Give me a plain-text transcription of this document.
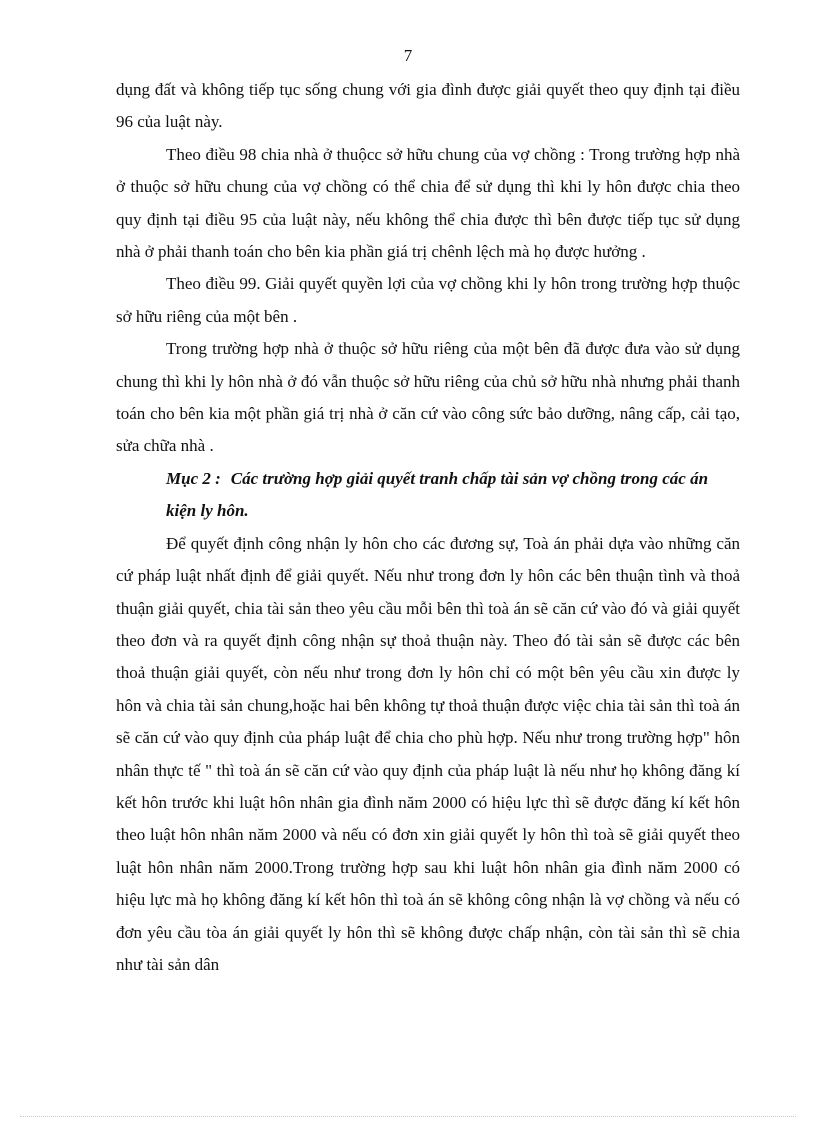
7

dụng đất và không tiếp tục sống chung với gia đình được giải quyết theo quy định tại điều 96 của luật này.

Theo điều 98 chia nhà ở thuộcc sở hữu chung của vợ chồng : Trong trường hợp nhà ở thuộc sở hữu chung của vợ chồng có thể chia để sử dụng thì khi ly hôn được chia theo quy định tại điều 95 của luật này, nếu không thể chia được thì bên được tiếp tục sử dụng nhà ở phải thanh toán cho bên kia phần giá trị chênh lệch mà họ được hưởng .

Theo điều 99. Giải quyết quyền lợi của vợ chồng khi ly hôn trong trường hợp thuộc sở hữu riêng của một bên .

Trong trường hợp nhà ở thuộc sở hữu riêng của một bên đã được đưa vào sử dụng chung thì khi ly hôn nhà ở đó vẫn thuộc sở hữu riêng của chủ sở hữu nhà nhưng phải thanh toán cho bên kia một phần giá trị nhà ở căn cứ vào công sức bảo dưỡng, nâng cấp, cải tạo, sửa chữa nhà .

Mục 2 : Các trường hợp giải quyết tranh chấp tài sản vợ chồng trong các án kiện ly hôn.

Để quyết định công nhận ly hôn cho các đương sự, Toà án phải dựa vào những căn cứ pháp luật nhất định để giải quyết. Nếu như trong đơn ly hôn các bên thuận tình và thoả thuận giải quyết, chia tài sản theo yêu cầu mỗi bên thì toà án sẽ căn cứ vào đó và giải quyết theo đơn và ra quyết định công nhận sự thoả thuận này. Theo đó tài sản sẽ được các bên thoả thuận giải quyết, còn nếu như trong đơn ly hôn chỉ có một bên yêu cầu xin được ly hôn và chia tài sản chung,hoặc hai bên không tự thoả thuận được việc chia tài sản thì toà án sẽ căn cứ vào quy định của pháp luật để chia cho phù hợp. Nếu như trong trường hợp" hôn nhân thực tế " thì toà án sẽ căn cứ vào quy định của pháp luật là nếu như họ không đăng kí kết hôn trước khi luật hôn nhân gia đình năm 2000 có hiệu lực thì sẽ được đăng kí kết hôn theo luật hôn nhân năm 2000 và nếu có đơn xin giải quyết ly hôn thì toà sẽ giải quyết theo luật hôn nhân năm 2000.Trong trường hợp sau khi luật hôn nhân gia đình năm 2000 có hiệu lực mà họ không đăng kí kết hôn thì toà án sẽ không công nhận là vợ chồng và nếu có đơn yêu cầu tòa án giải quyết ly hôn thì sẽ không được chấp nhận, còn tài sản thì sẽ chia như tài sản dân
